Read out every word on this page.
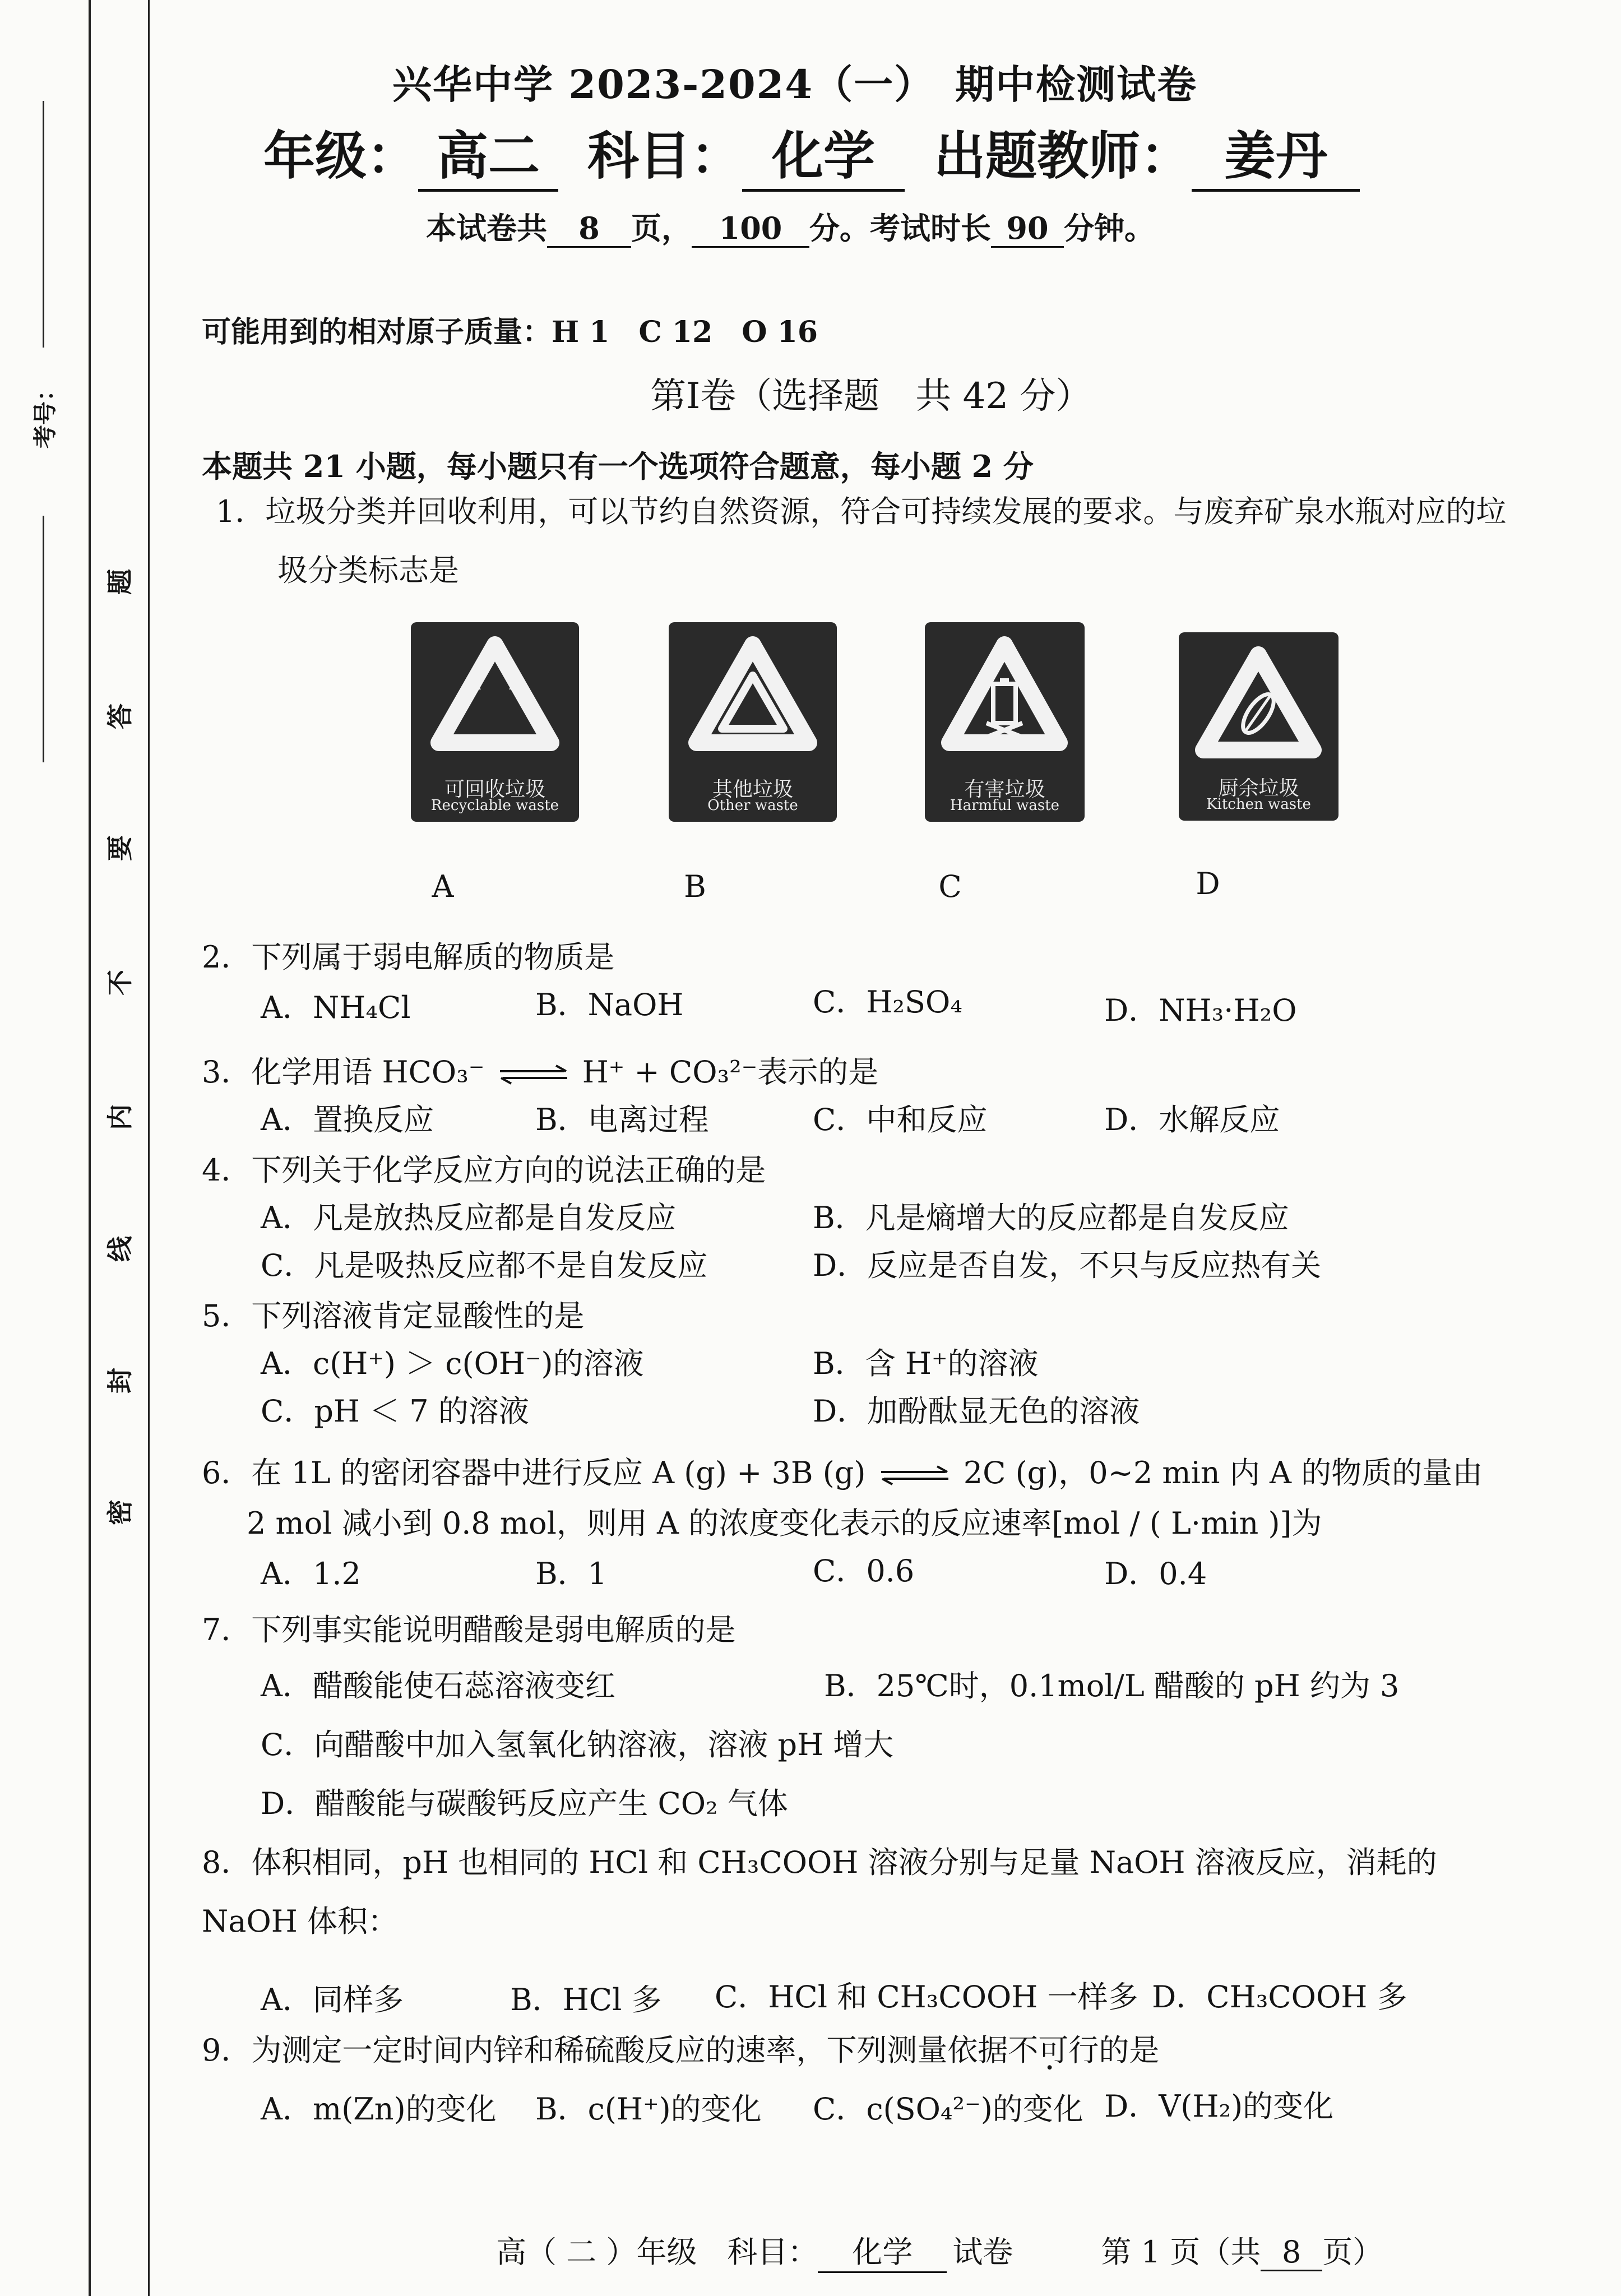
考号：
题
答
要
不
内
线
封
密
兴华中学 2023-2024（一）　期中检测试卷
年级： 高二 科目： 化学 出题教师： 姜丹
本试卷共 8 页， 100 分。考试时长 90 分钟。
可能用到的相对原子质量：H 1　C 12　O 16
第Ⅰ卷（选择题　共 42 分）
本题共 21 小题，每小题只有一个选项符合题意，每小题 2 分
1．垃圾分类并回收利用，可以节约自然资源，符合可持续发展的要求。与废弃矿泉水瓶对应的垃
圾分类标志是
可回收垃圾
Recyclable waste
其他垃圾
Other waste
有害垃圾
Harmful waste
厨余垃圾
Kitchen waste
A	B	C	D
2．下列属于弱电解质的物质是
A．NH₄Cl	B．NaOH	C．H₂SO₄	D．NH₃·H₂O
3．化学用语 HCO₃⁻ ⇌ H⁺ + CO₃²⁻表示的是
A．置换反应	B．电离过程	C．中和反应	D．水解反应
4．下列关于化学反应方向的说法正确的是
A．凡是放热反应都是自发反应	B．凡是熵增大的反应都是自发反应
C．凡是吸热反应都不是自发反应	D．反应是否自发，不只与反应热有关
5．下列溶液肯定显酸性的是
A．c(H⁺) ＞ c(OH⁻)的溶液	B．含 H⁺的溶液
C．pH ＜ 7 的溶液	D．加酚酞显无色的溶液
6．在 1L 的密闭容器中进行反应 A (g) + 3B (g) ⇌ 2C (g)，0~2 min 内 A 的物质的量由
2 mol 减小到 0.8 mol，则用 A 的浓度变化表示的反应速率[mol / ( L·min )]为
A．1.2	B．1	C．0.6	D．0.4
7．下列事实能说明醋酸是弱电解质的是
A．醋酸能使石蕊溶液变红	B．25℃时，0.1mol/L 醋酸的 pH 约为 3
C．向醋酸中加入氢氧化钠溶液，溶液 pH 增大
D．醋酸能与碳酸钙反应产生 CO₂ 气体
8．体积相同，pH 也相同的 HCl 和 CH₃COOH 溶液分别与足量 NaOH 溶液反应，消耗的
NaOH 体积：
A．同样多	B．HCl 多 C．HCl 和 CH₃COOH 一样多 D．CH₃COOH 多
9．为测定一定时间内锌和稀硫酸反应的速率，下列测量依据不可行的是
A．m(Zn)的变化 B．c(H⁺)的变化 C．c(SO₄²⁻)的变化 D．V(H₂)的变化
高（ 二 ）年级　科目： 化学 试卷	第 1 页（共 8 页）
